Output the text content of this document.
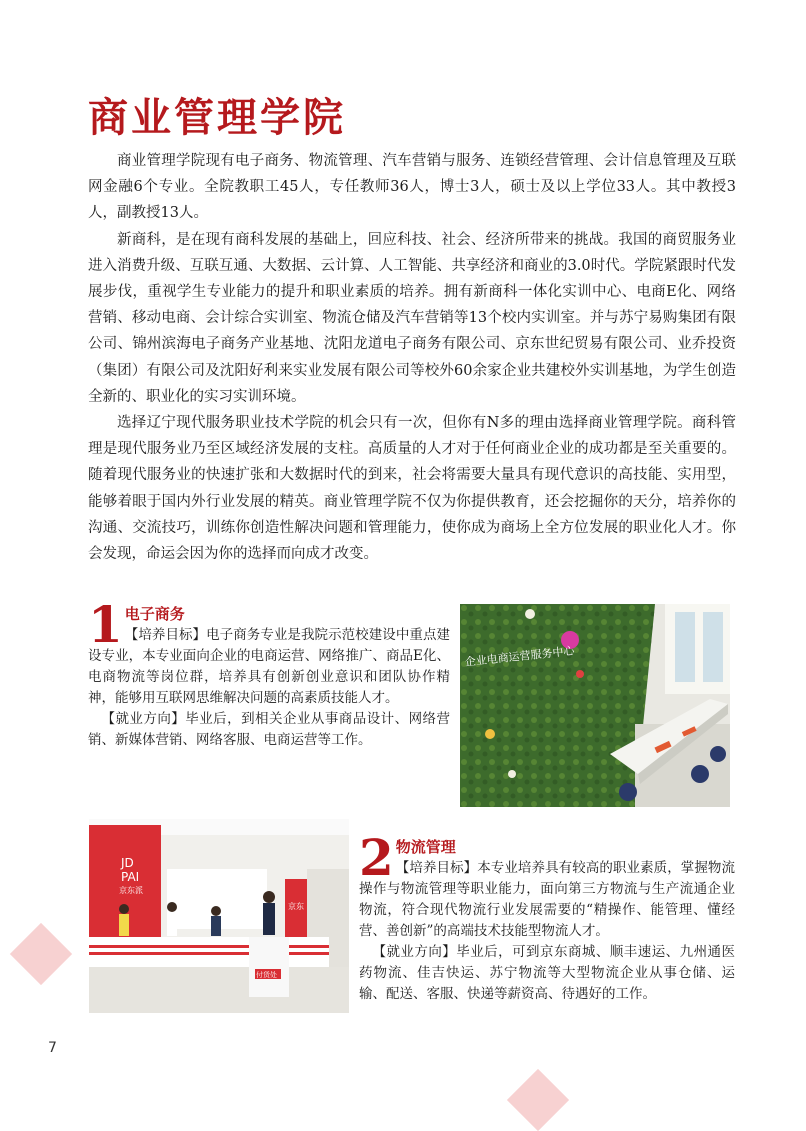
商业管理学院

商业管理学院现有电子商务、物流管理、汽车营销与服务、连锁经营管理、会计信息管理及互联网金融6个专业。全院教职工45人，专任教师36人，博士3人，硕士及以上学位33人。其中教授3人，副教授13人。

新商科，是在现有商科发展的基础上，回应科技、社会、经济所带来的挑战。我国的商贸服务业进入消费升级、互联互通、大数据、云计算、人工智能、共享经济和商业的3.0时代。学院紧跟时代发展步伐，重视学生专业能力的提升和职业素质的培养。拥有新商科一体化实训中心、电商E化、网络营销、移动电商、会计综合实训室、物流仓储及汽车营销等13个校内实训室。并与苏宁易购集团有限公司、锦州滨海电子商务产业基地、沈阳龙道电子商务有限公司、京东世纪贸易有限公司、业乔投资（集团）有限公司及沈阳好利来实业发展有限公司等校外60余家企业共建校外实训基地，为学生创造全新的、职业化的实习实训环境。

选择辽宁现代服务职业技术学院的机会只有一次，但你有N多的理由选择商业管理学院。商科管理是现代服务业乃至区域经济发展的支柱。高质量的人才对于任何商业企业的成功都是至关重要的。随着现代服务业的快速扩张和大数据时代的到来，社会将需要大量具有现代意识的高技能、实用型，能够着眼于国内外行业发展的精英。商业管理学院不仅为你提供教育，还会挖掘你的天分，培养你的沟通、交流技巧，训练你创造性解决问题和管理能力，使你成为商场上全方位发展的职业化人才。你会发现，命运会因为你的选择而向成才改变。

1 电子商务

【培养目标】电子商务专业是我院示范校建设中重点建设专业，本专业面向企业的电商运营、网络推广、商品E化、电商物流等岗位群，培养具有创新创业意识和团队协作精神，能够用互联网思维解决问题的高素质技能人才。

【就业方向】毕业后，到相关企业从事商品设计、网络营销、新媒体营销、网络客服、电商运营等工作。

企业电商运营服务中心
JD
PAI
京东派
京东
付货处
2 物流管理

【培养目标】本专业培养具有较高的职业素质，掌握物流操作与物流管理等职业能力，面向第三方物流与生产流通企业物流，符合现代物流行业发展需要的“精操作、能管理、懂经营、善创新”的高端技术技能型物流人才。

【就业方向】毕业后，可到京东商城、顺丰速运、九州通医药物流、佳吉快运、苏宁物流等大型物流企业从事仓储、运输、配送、客服、快递等薪资高、待遇好的工作。

7
